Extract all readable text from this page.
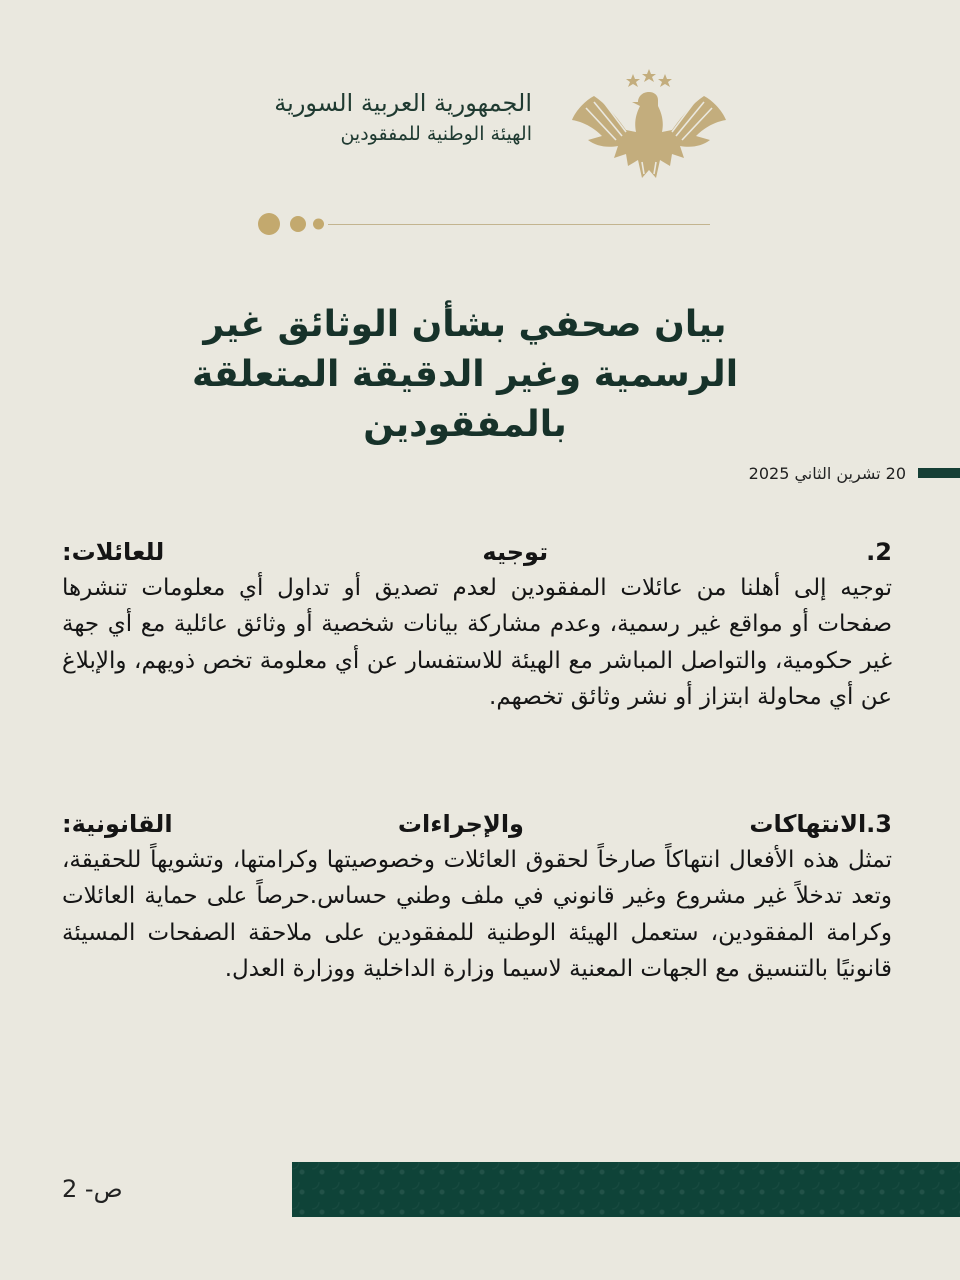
الجمهورية العربية السورية
الهيئة الوطنية للمفقودين
بيان صحفي بشأن الوثائق غير
الرسمية وغير الدقيقة المتعلقة بالمفقودين
20 تشرين الثاني 2025
2. توجيه للعائلات:
توجيه إلى أهلنا من عائلات المفقودين لعدم تصديق أو تداول أي معلومات تنشرها صفحات أو مواقع غير رسمية، وعدم مشاركة بيانات شخصية أو وثائق عائلية مع أي جهة غير حكومية، والتواصل المباشر مع الهيئة للاستفسار عن أي معلومة تخص ذويهم، والإبلاغ عن أي محاولة ابتزاز أو نشر وثائق تخصهم.
3.الانتهاكات والإجراءات القانونية:
تمثل هذه الأفعال انتهاكاً صارخاً لحقوق العائلات وخصوصيتها وكرامتها، وتشويهاً للحقيقة، وتعد تدخلاً غير مشروع وغير قانوني في ملف وطني حساس.حرصاً على حماية العائلات وكرامة المفقودين، ستعمل الهيئة الوطنية للمفقودين على ملاحقة الصفحات المسيئة قانونيًا بالتنسيق مع الجهات المعنية لاسيما وزارة الداخلية ووزارة العدل.
ص- 2
